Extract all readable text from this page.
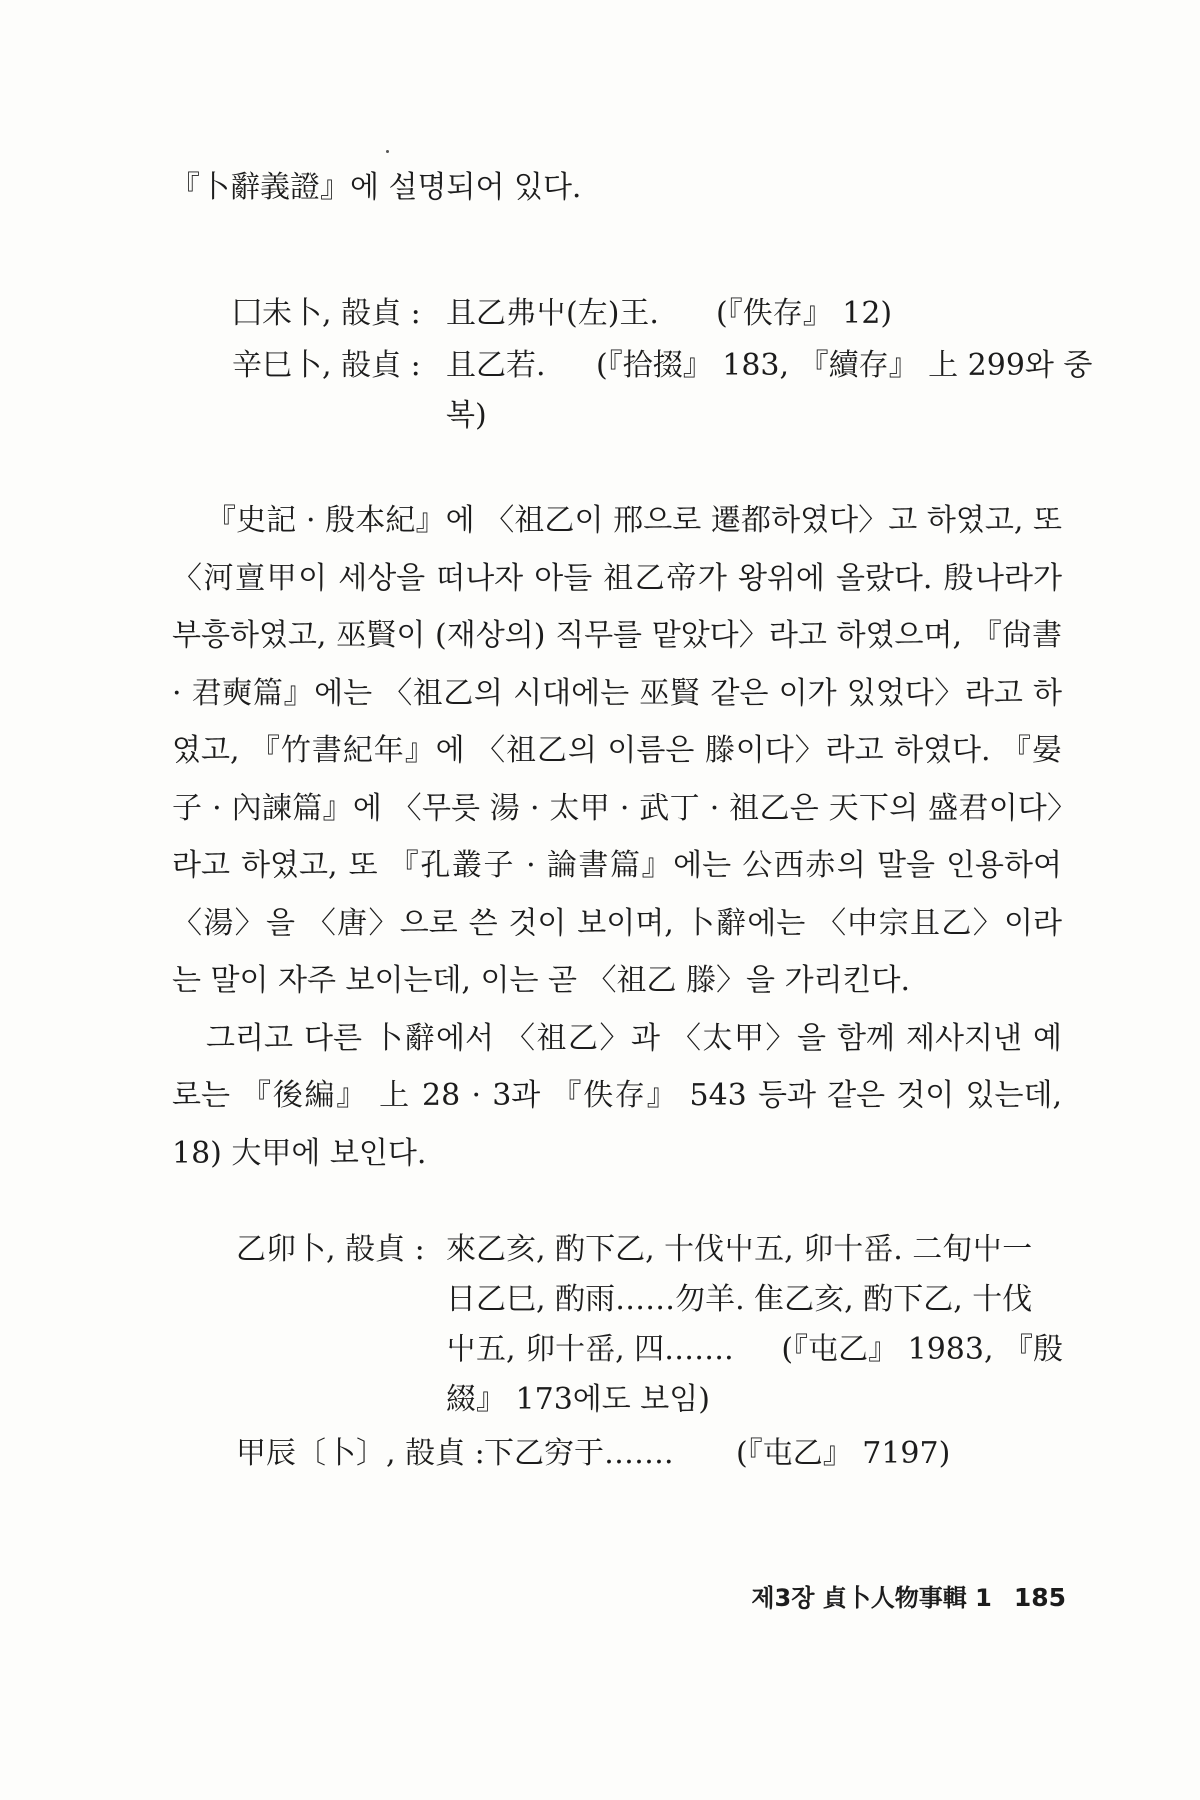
『卜辭義證』에 설명되어 있다.
囗未卜, 㱿貞 : 且乙弗屮(左)王. (『佚存』 12)
辛巳卜, 㱿貞 : 且乙若. (『拾掇』 183, 『續存』 上 299와 중
복)

『史記 · 殷本紀』에 〈祖乙이 邢으로 遷都하였다〉고 하였고, 또 〈河亶甲이 세상을 떠나자 아들 祖乙帝가 왕위에 올랐다. 殷나라가 부흥하였고, 巫賢이 (재상의) 직무를 맡았다〉라고 하였으며, 『尙書 · 君奭篇』에는 〈祖乙의 시대에는 巫賢 같은 이가 있었다〉라고 하였고, 『竹書紀年』에 〈祖乙의 이름은 滕이다〉라고 하였다. 『晏子 · 內諫篇』에 〈무릇 湯 · 太甲 · 武丁 · 祖乙은 天下의 盛君이다〉라고 하였고, 또 『孔叢子 · 論書篇』에는 公西赤의 말을 인용하여 〈湯〉을 〈唐〉으로 쓴 것이 보이며, 卜辭에는 〈中宗且乙〉이라는 말이 자주 보이는데, 이는 곧 〈祖乙 滕〉을 가리킨다.

그리고 다른 卜辭에서 〈祖乙〉과 〈太甲〉을 함께 제사지낸 예로는 『後編』 上 28 · 3과 『佚存』 543 등과 같은 것이 있는데, 18) 大甲에 보인다.

乙卯卜, 㱿貞 : 來乙亥, 酌下乙, 十伐屮五, 卯十䍃. 二旬屮一
日乙巳, 酌雨……勿羊. 隹乙亥, 酌下乙, 十伐
屮五, 卯十䍃, 四…….     (『屯乙』 1983, 『殷
綴』 173에도 보임)
甲辰〔卜〕, 㱿貞 : 下乙穷于……. (『屯乙』 7197)
제3장 貞卜人物事輯 1 185
